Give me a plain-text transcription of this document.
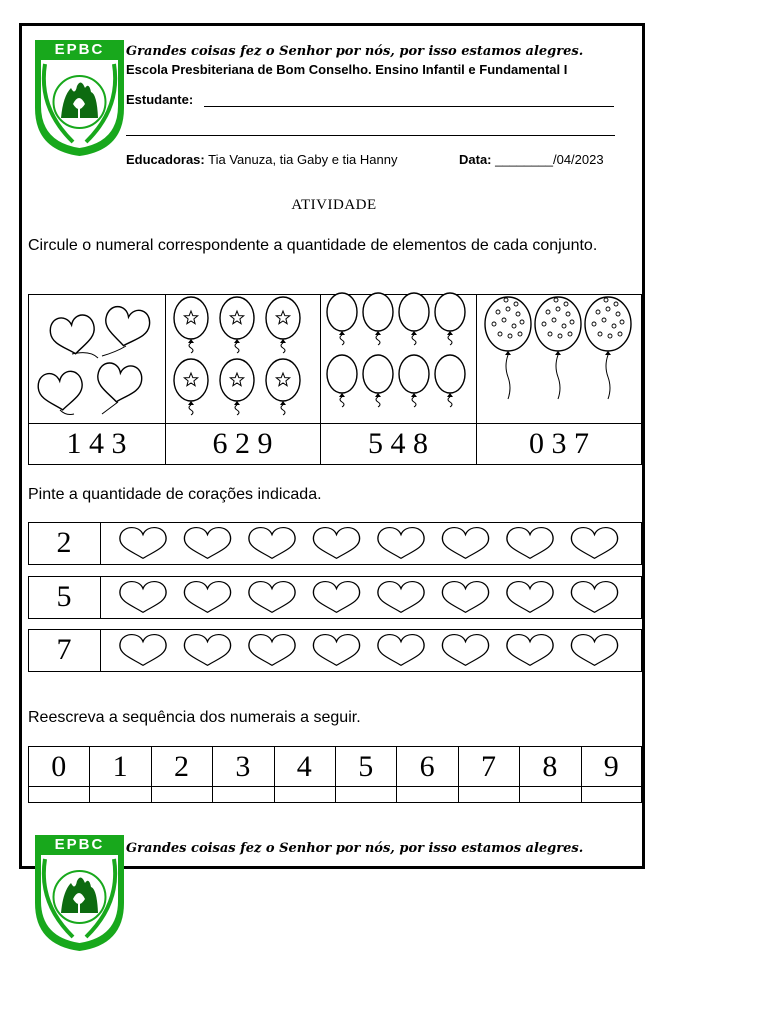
EPBC Grandes coisas fez o Senhor por nós, por isso estamos alegres.
Escola Presbiteriana de Bom Conselho. Ensino Infantil e Fundamental I
Estudante:
Educadoras: Tia Vanuza, tia Gaby e tia Hanny	Data: ________/04/2023
ATIVIDADE
Circule o numeral correspondente a quantidade de elementos de cada conjunto.
1 4 3	6 2 9	5 4 8	0 3 7
Pinte a quantidade de corações indicada.
2
5
7
Reescreva a sequência dos numerais a seguir.
0	1	2	3	4	5	6	7	8	9
EPBC Grandes coisas fez o Senhor por nós, por isso estamos alegres.
